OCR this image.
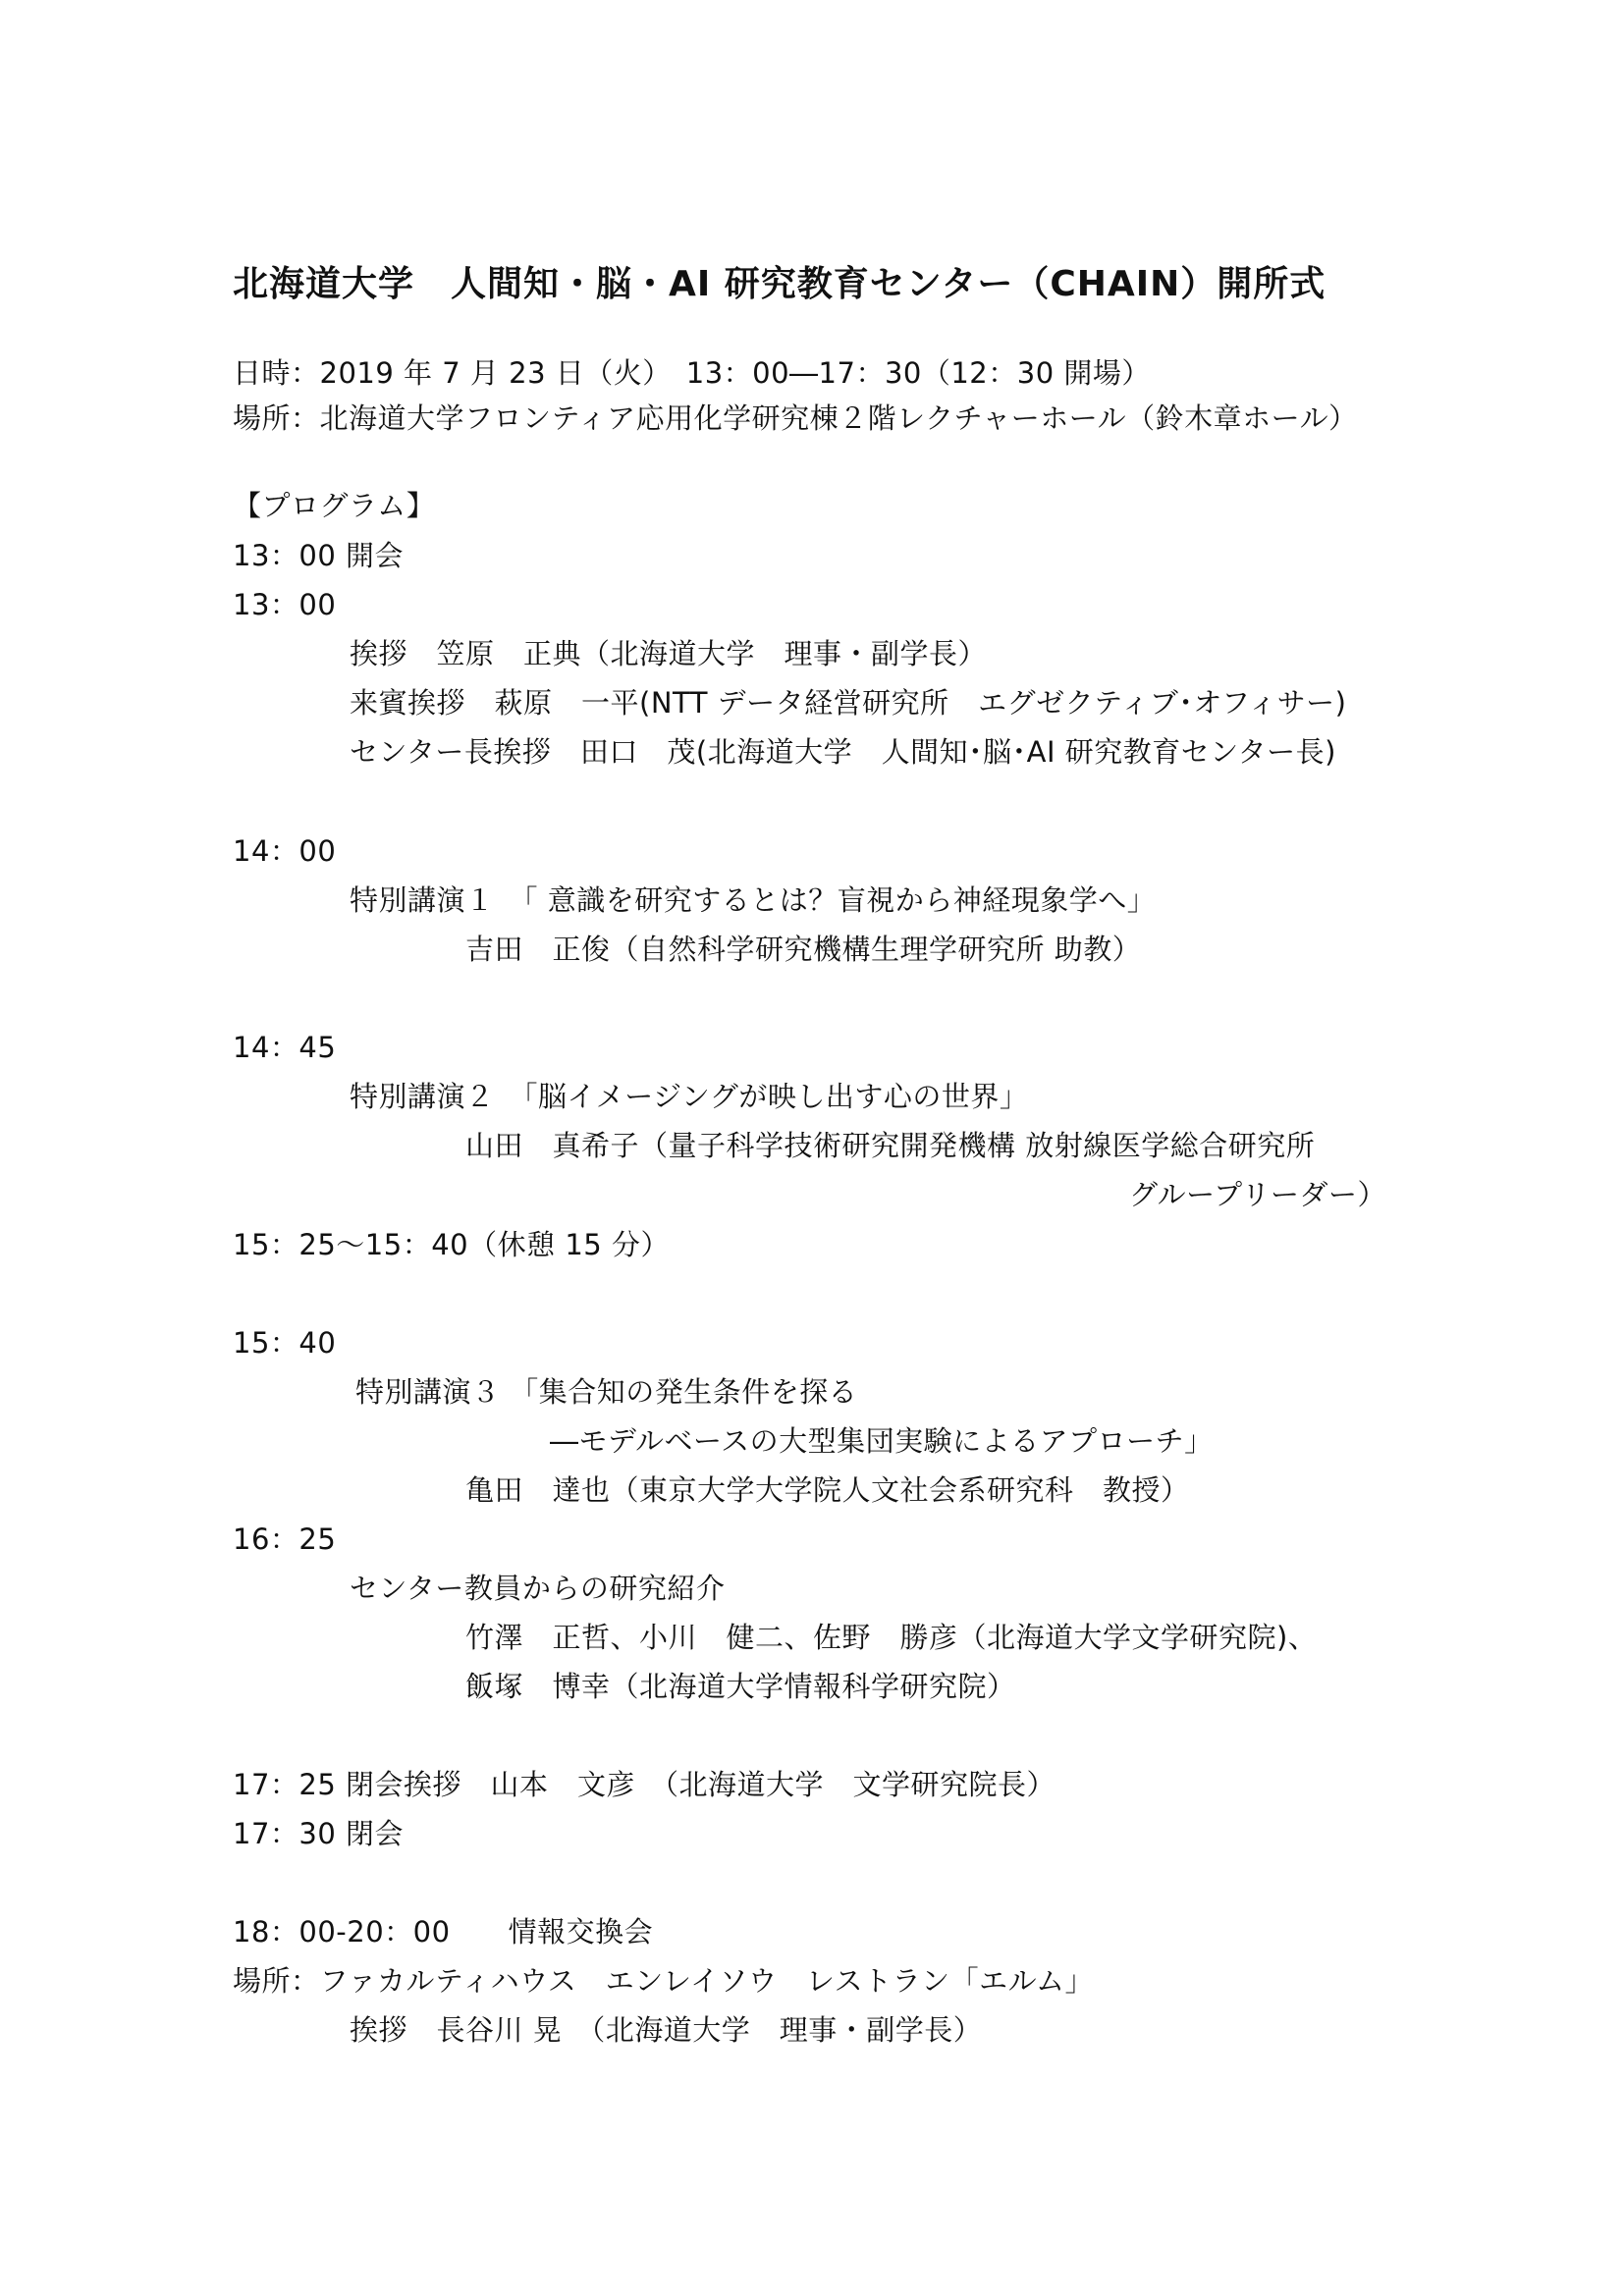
北海道大学　人間知・脳・AI 研究教育センター（CHAIN）開所式
日時：2019 年 7 月 23 日（火）　13：00―17：30（12：30 開場）
場所：北海道大学フロンティア応用化学研究棟２階レクチャーホール（鈴木章ホール）
【プログラム】
13：00 開会
13：00
挨拶　笠原　正典（北海道大学　理事・副学長）
来賓挨拶　萩原　一平(NTT データ経営研究所　エグゼクティブ･オフィサー)
センター長挨拶　田口　茂(北海道大学　人間知･脳･AI 研究教育センター長)
14：00
特別講演１　「 意識を研究するとは？盲視から神経現象学へ」
吉田　正俊（自然科学研究機構生理学研究所 助教）
14：45
特別講演２　「脳イメージングが映し出す心の世界」
山田　真希子（量子科学技術研究開発機構 放射線医学総合研究所
グループリーダー）
15：25～15：40（休憩 15 分）
15：40
特別講演３ 「集合知の発生条件を探る
―モデルベースの大型集団実験によるアプローチ」
亀田　達也（東京大学大学院人文社会系研究科　教授）
16：25
センター教員からの研究紹介
竹澤　正哲、小川　健二、佐野　勝彦（北海道大学文学研究院)、
飯塚　博幸（北海道大学情報科学研究院）
17：25 閉会挨拶　山本　文彦　（北海道大学　文学研究院長）
17：30 閉会
18：00-20：00　　情報交換会
場所：ファカルティハウス　エンレイソウ　レストラン「エルム」
挨拶　長谷川 晃　（北海道大学　理事・副学長）
